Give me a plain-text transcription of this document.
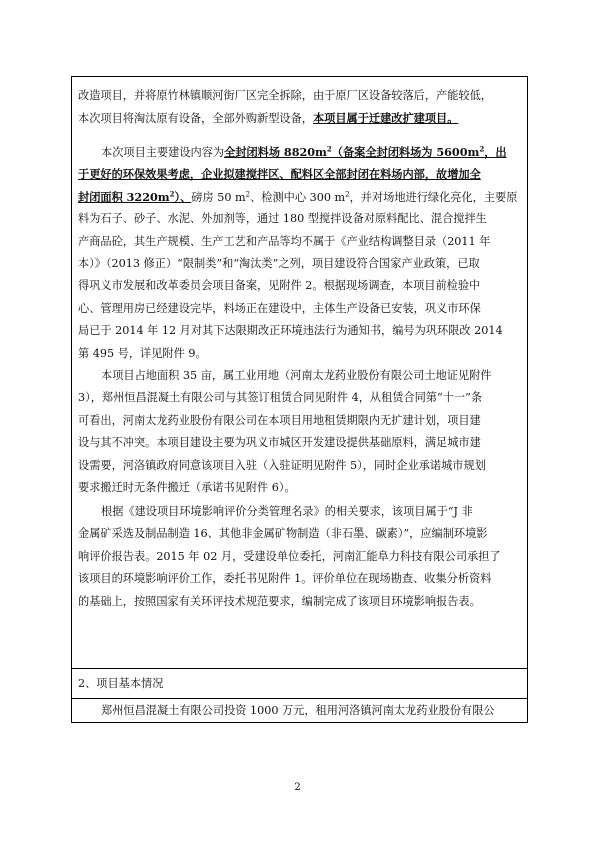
改造项目，并将原竹林镇顺河街厂区完全拆除，由于原厂区设备较落后，产能较低，
本次项目将淘汰原有设备，全部外购新型设备，本项目属于迁建改扩建项目。
本次项目主要建设内容为全封闭料场 $8820m^2$（备案全封闭料场为 $5600m^2$，出
于更好的环保效果考虑，企业拟建搅拌区、配料区全部封闭在料场内部，故增加全
封闭面积 $3220m^2$）、磅房 50 $m^2$、检测中心 300 $m^2$，并对场地进行绿化亮化，主要原
料为石子、砂子、水泥、外加剂等，通过 180 型搅拌设备对原料配比、混合搅拌生
产商品砼，其生产规模、生产工艺和产品等均不属于《产业结构调整目录（2011 年
本）》（2013 修正）“限制类”和“淘汰类”之列，项目建设符合国家产业政策，已取
得巩义市发展和改革委员会项目备案，见附件 2。根据现场调查，本项目前检验中
心、管理用房已经建设完毕，料场正在建设中，主体生产设备已安装，巩义市环保
局已于 2014 年 12 月对其下达限期改正环境违法行为通知书，编号为巩环限改 2014
第 495 号，详见附件 9。
本项目占地面积 35 亩，属工业用地（河南太龙药业股份有限公司土地证见附件
3），郑州恒昌混凝土有限公司与其签订租赁合同见附件 4，从租赁合同第“十一”条
可看出，河南太龙药业股份有限公司在本项目用地租赁期限内无扩建计划，项目建
设与其不冲突。本项目建设主要为巩义市城区开发建设提供基础原料，满足城市建
设需要，河洛镇政府同意该项目入驻（入驻证明见附件 5），同时企业承诺城市规划
要求搬迁时无条件搬迁（承诺书见附件 6）。
根据《建设项目环境影响评价分类管理名录》的相关要求，该项目属于“J 非
金属矿采选及制品制造 16、其他非金属矿物制造（非石墨、碳素）”，应编制环境影
响评价报告表。2015 年 02 月，受建设单位委托，河南汇能阜力科技有限公司承担了
该项目的环境影响评价工作，委托书见附件 1。评价单位在现场勘查、收集分析资料
的基础上，按照国家有关环评技术规范要求，编制完成了该项目环境影响报告表。

2、项目基本情况

郑州恒昌混凝土有限公司投资 1000 万元，租用河洛镇河南太龙药业股份有限公
2
